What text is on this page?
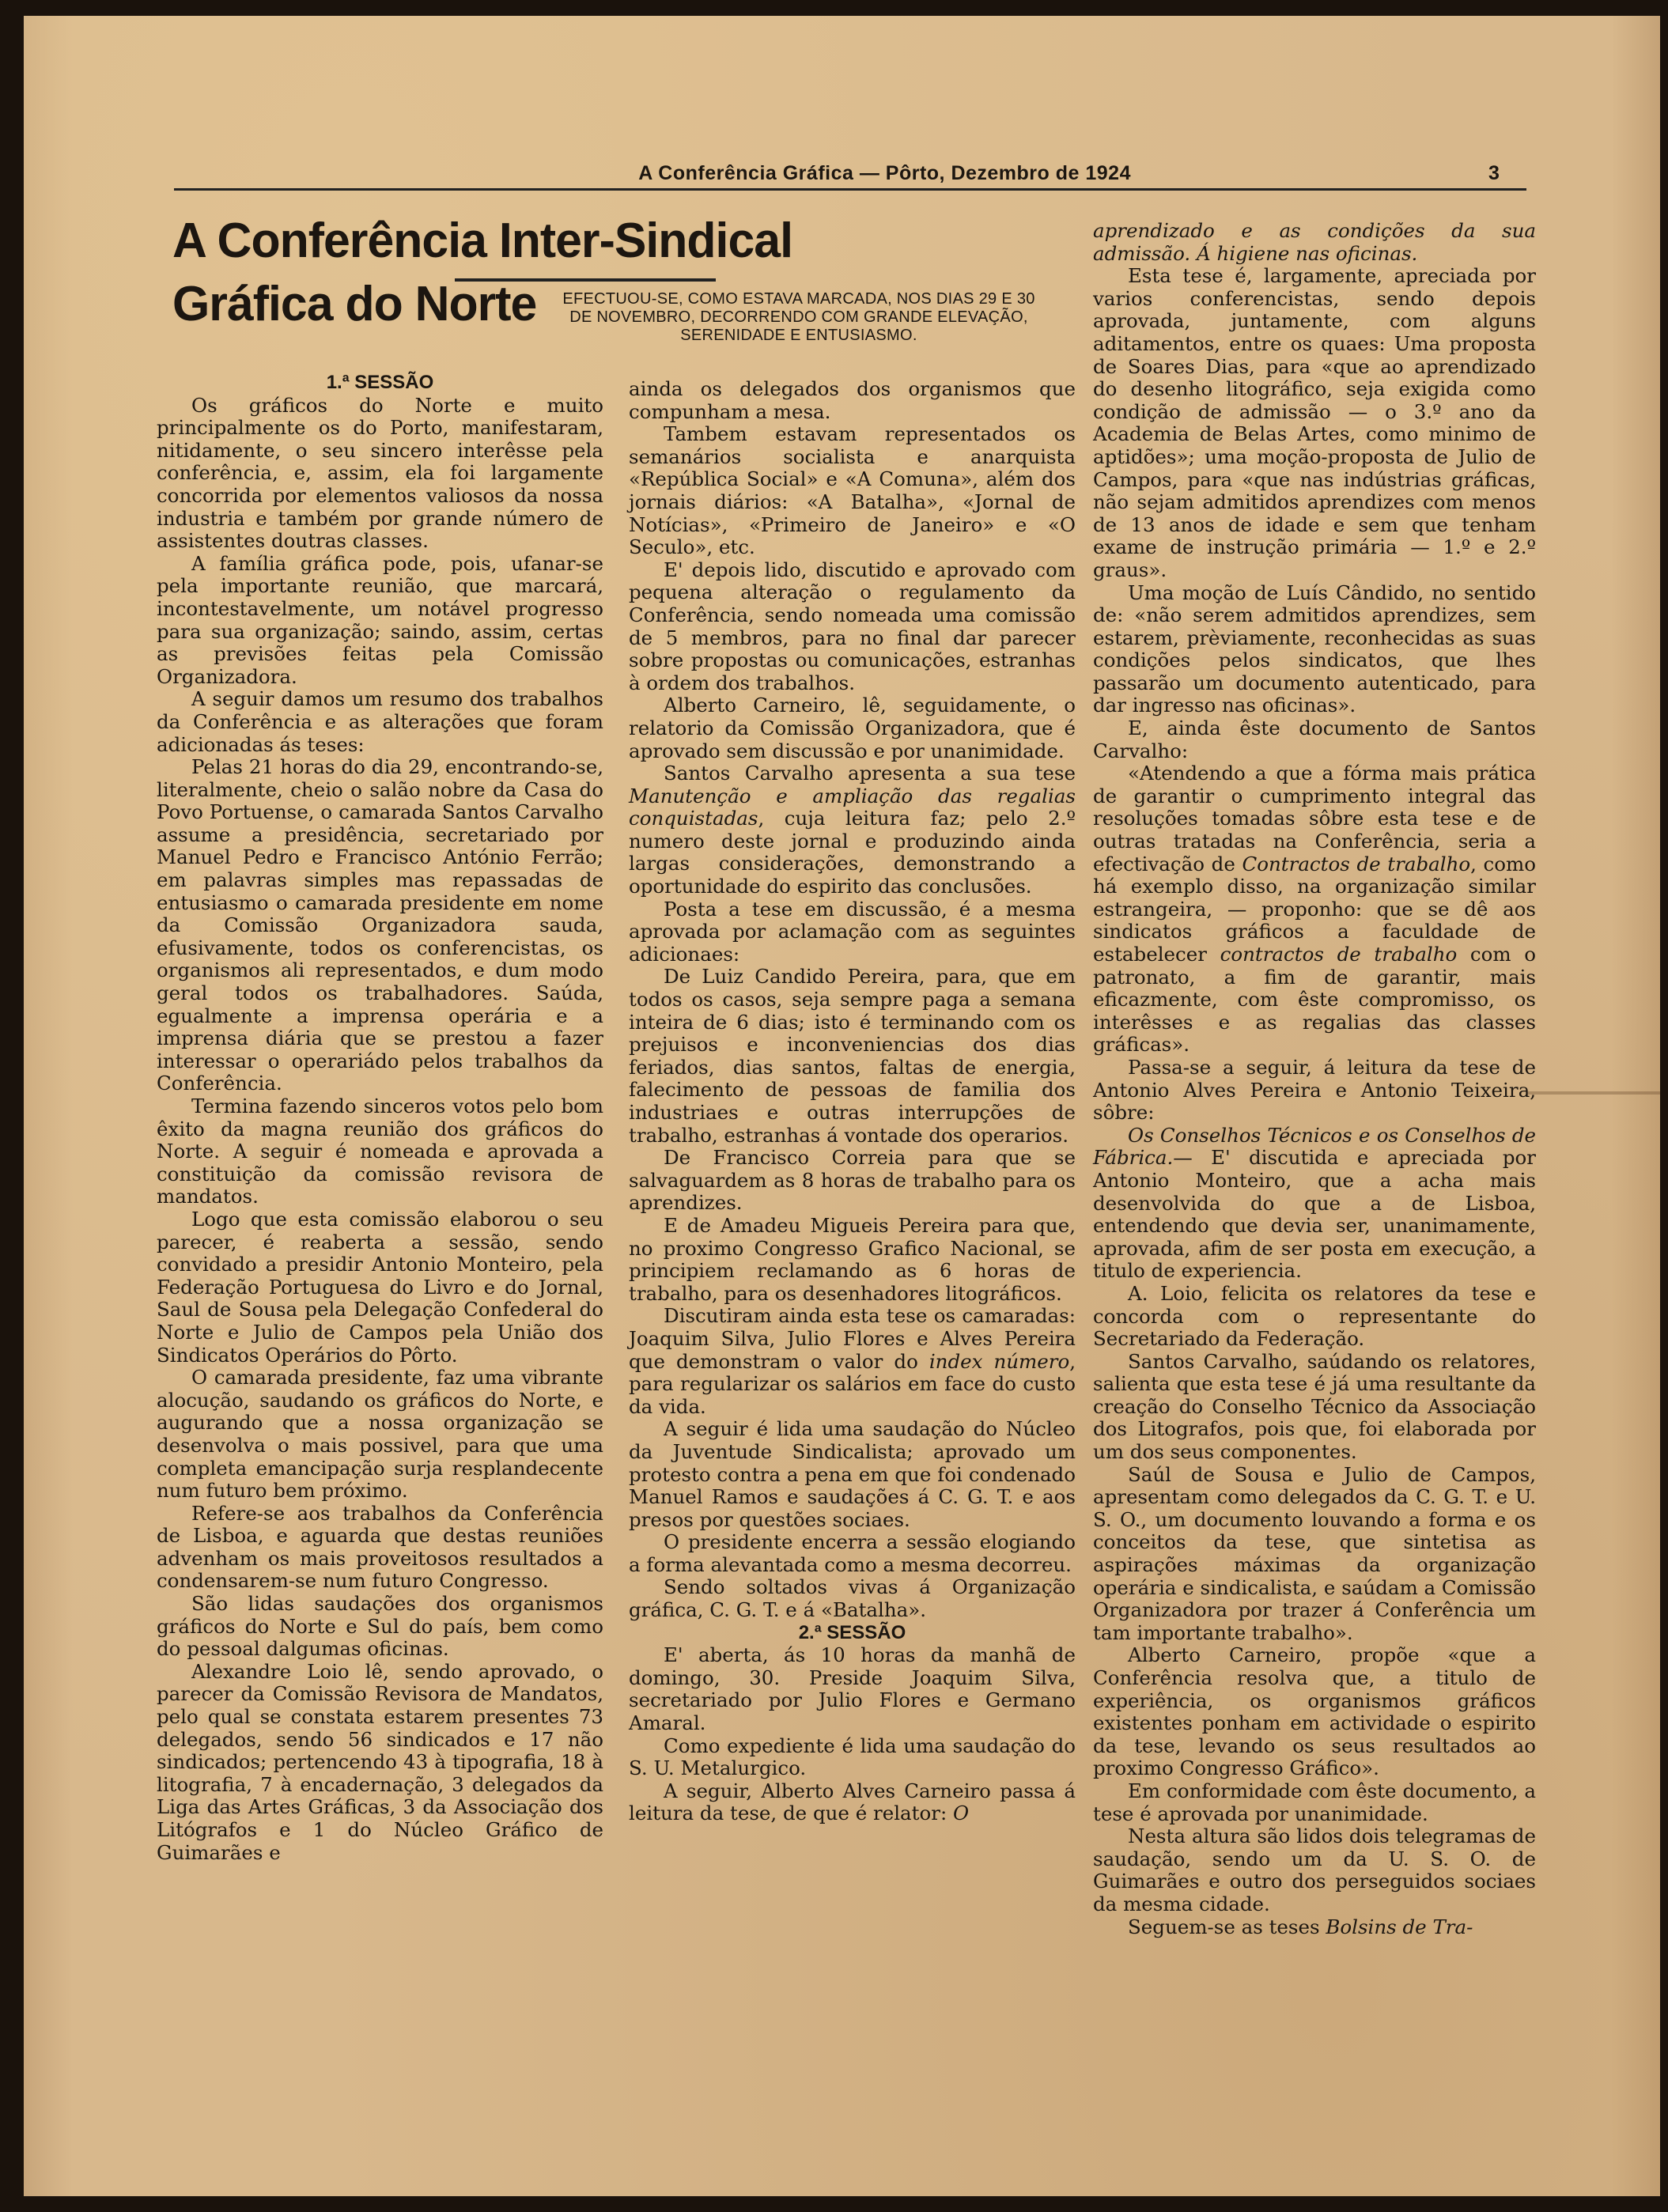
A Conferência Gráfica — Pôrto, Dezembro de 1924	3
A Conferência Inter-Sindical Gráfica do Norte	EFECTUOU-SE, COMO ESTAVA MARCADA, NOS DIAS 29 E 30
DE NOVEMBRO, DECORRENDO COM GRANDE ELEVAÇÃO,
SERENIDADE E ENTUSIASMO.

1.ª SESSÃO

Os gráficos do Norte e muito principalmente os do Porto, manifestaram, nitidamente, o seu sincero interêsse pela conferência, e, assim, ela foi largamente concorrida por elementos valiosos da nossa industria e também por grande número de assistentes doutras classes.

A família gráfica pode, pois, ufanar-se pela importante reunião, que marcará, incontestavelmente, um notável progresso para sua organização; saindo, assim, certas as previsões feitas pela Comissão Organizadora.

A seguir damos um resumo dos trabalhos da Conferência e as alterações que foram adicionadas ás teses:

Pelas 21 horas do dia 29, encontrando-se, literalmente, cheio o salão nobre da Casa do Povo Portuense, o camarada Santos Carvalho assume a presidência, secretariado por Manuel Pedro e Francisco António Ferrão; em palavras simples mas repassadas de entusiasmo o camarada presidente em nome da Comissão Organizadora sauda, efusivamente, todos os conferencistas, os organismos ali representados, e dum modo geral todos os trabalhadores. Saúda, egualmente a imprensa operária e a imprensa diária que se prestou a fazer interessar o operariádo pelos trabalhos da Conferência.

Termina fazendo sinceros votos pelo bom êxito da magna reunião dos gráficos do Norte. A seguir é nomeada e aprovada a constituição da comissão revisora de mandatos.

Logo que esta comissão elaborou o seu parecer, é reaberta a sessão, sendo convidado a presidir Antonio Monteiro, pela Federação Portuguesa do Livro e do Jornal, Saul de Sousa pela Delegação Confederal do Norte e Julio de Campos pela União dos Sindicatos Operários do Pôrto.

O camarada presidente, faz uma vibrante alocução, saudando os gráficos do Norte, e augurando que a nossa organização se desenvolva o mais possivel, para que uma completa emancipação surja resplandecente num futuro bem próximo.

Refere-se aos trabalhos da Conferência de Lisboa, e aguarda que destas reuniões advenham os mais proveitosos resultados a condensarem-se num futuro Congresso.

São lidas saudações dos organismos gráficos do Norte e Sul do país, bem como do pessoal dalgumas oficinas.

Alexandre Loio lê, sendo aprovado, o parecer da Comissão Revisora de Mandatos, pelo qual se constata estarem presentes 73 delegados, sendo 56 sindicados e 17 não sindicados; pertencendo 43 à tipografia, 18 à litografia, 7 à encadernação, 3 delegados da Liga das Artes Gráficas, 3 da Associação dos Litógrafos e 1 do Núcleo Gráfico de Guimarães e

ainda os delegados dos organismos que compunham a mesa.

Tambem estavam representados os semanários socialista e anarquista «República Social» e «A Comuna», além dos jornais diários: «A Batalha», «Jornal de Notícias», «Primeiro de Janeiro» e «O Seculo», etc.

E' depois lido, discutido e aprovado com pequena alteração o regulamento da Conferência, sendo nomeada uma comissão de 5 membros, para no final dar parecer sobre propostas ou comunicações, estranhas à ordem dos trabalhos.

Alberto Carneiro, lê, seguidamente, o relatorio da Comissão Organizadora, que é aprovado sem discussão e por unanimidade.

Santos Carvalho apresenta a sua tese Manutenção e ampliação das regalias conquistadas, cuja leitura faz; pelo 2.º numero deste jornal e produzindo ainda largas considerações, demonstrando a oportunidade do espirito das conclusões.

Posta a tese em discussão, é a mesma aprovada por aclamação com as seguintes adicionaes:

De Luiz Candido Pereira, para, que em todos os casos, seja sempre paga a semana inteira de 6 dias; isto é terminando com os prejuisos e inconveniencias dos dias feriados, dias santos, faltas de energia, falecimento de pessoas de familia dos industriaes e outras interrupções de trabalho, estranhas á vontade dos operarios.

De Francisco Correia para que se salvaguardem as 8 horas de trabalho para os aprendizes.

E de Amadeu Migueis Pereira para que, no proximo Congresso Grafico Nacional, se principiem reclamando as 6 horas de trabalho, para os desenhadores litográficos.

Discutiram ainda esta tese os camaradas: Joaquim Silva, Julio Flores e Alves Pereira que demonstram o valor do index número, para regularizar os salários em face do custo da vida.

A seguir é lida uma saudação do Núcleo da Juventude Sindicalista; aprovado um protesto contra a pena em que foi condenado Manuel Ramos e saudações á C. G. T. e aos presos por questões sociaes.

O presidente encerra a sessão elogiando a forma alevantada como a mesma decorreu.

Sendo soltados vivas á Organização gráfica, C. G. T. e á «Batalha».

2.ª SESSÃO

E' aberta, ás 10 horas da manhã de domingo, 30. Preside Joaquim Silva, secretariado por Julio Flores e Germano Amaral.

Como expediente é lida uma saudação do S. U. Metalurgico.

A seguir, Alberto Alves Carneiro passa á leitura da tese, de que é relator: O

aprendizado e as condições da sua admissão. Á higiene nas oficinas.

Esta tese é, largamente, apreciada por varios conferencistas, sendo depois aprovada, juntamente, com alguns aditamentos, entre os quaes: Uma proposta de Soares Dias, para «que ao aprendizado do desenho litográfico, seja exigida como condição de admissão — o 3.º ano da Academia de Belas Artes, como minimo de aptidões»; uma moção-proposta de Julio de Campos, para «que nas indústrias gráficas, não sejam admitidos aprendizes com menos de 13 anos de idade e sem que tenham exame de instrução primária — 1.º e 2.º graus».

Uma moção de Luís Cândido, no sentido de: «não serem admitidos aprendizes, sem estarem, prèviamente, reconhecidas as suas condições pelos sindicatos, que lhes passarão um documento autenticado, para dar ingresso nas oficinas».

E, ainda êste documento de Santos Carvalho:

«Atendendo a que a fórma mais prática de garantir o cumprimento integral das resoluções tomadas sôbre esta tese e de outras tratadas na Conferência, seria a efectivação de Contractos de trabalho, como há exemplo disso, na organização similar estrangeira, — proponho: que se dê aos sindicatos gráficos a faculdade de estabelecer contractos de trabalho com o patronato, a fim de garantir, mais eficazmente, com êste compromisso, os interêsses e as regalias das classes gráficas».

Passa-se a seguir, á leitura da tese de Antonio Alves Pereira e Antonio Teixeira, sôbre:

Os Conselhos Técnicos e os Conselhos de Fábrica.— E' discutida e apreciada por Antonio Monteiro, que a acha mais desenvolvida do que a de Lisboa, entendendo que devia ser, unanimamente, aprovada, afim de ser posta em execução, a titulo de experiencia.

A. Loio, felicita os relatores da tese e concorda com o representante do Secretariado da Federação.

Santos Carvalho, saúdando os relatores, salienta que esta tese é já uma resultante da creação do Conselho Técnico da Associação dos Litografos, pois que, foi elaborada por um dos seus componentes.

Saúl de Sousa e Julio de Campos, apresentam como delegados da C. G. T. e U. S. O., um documento louvando a forma e os conceitos da tese, que sintetisa as aspirações máximas da organização operária e sindicalista, e saúdam a Comissão Organizadora por trazer á Conferência um tam importante trabalho».

Alberto Carneiro, propõe «que a Conferência resolva que, a titulo de experiência, os organismos gráficos existentes ponham em actividade o espirito da tese, levando os seus resultados ao proximo Congresso Gráfico».

Em conformidade com êste documento, a tese é aprovada por unanimidade.

Nesta altura são lidos dois telegramas de saudação, sendo um da U. S. O. de Guimarães e outro dos perseguidos sociaes da mesma cidade.

Seguem-se as teses Bolsins de Tra-
